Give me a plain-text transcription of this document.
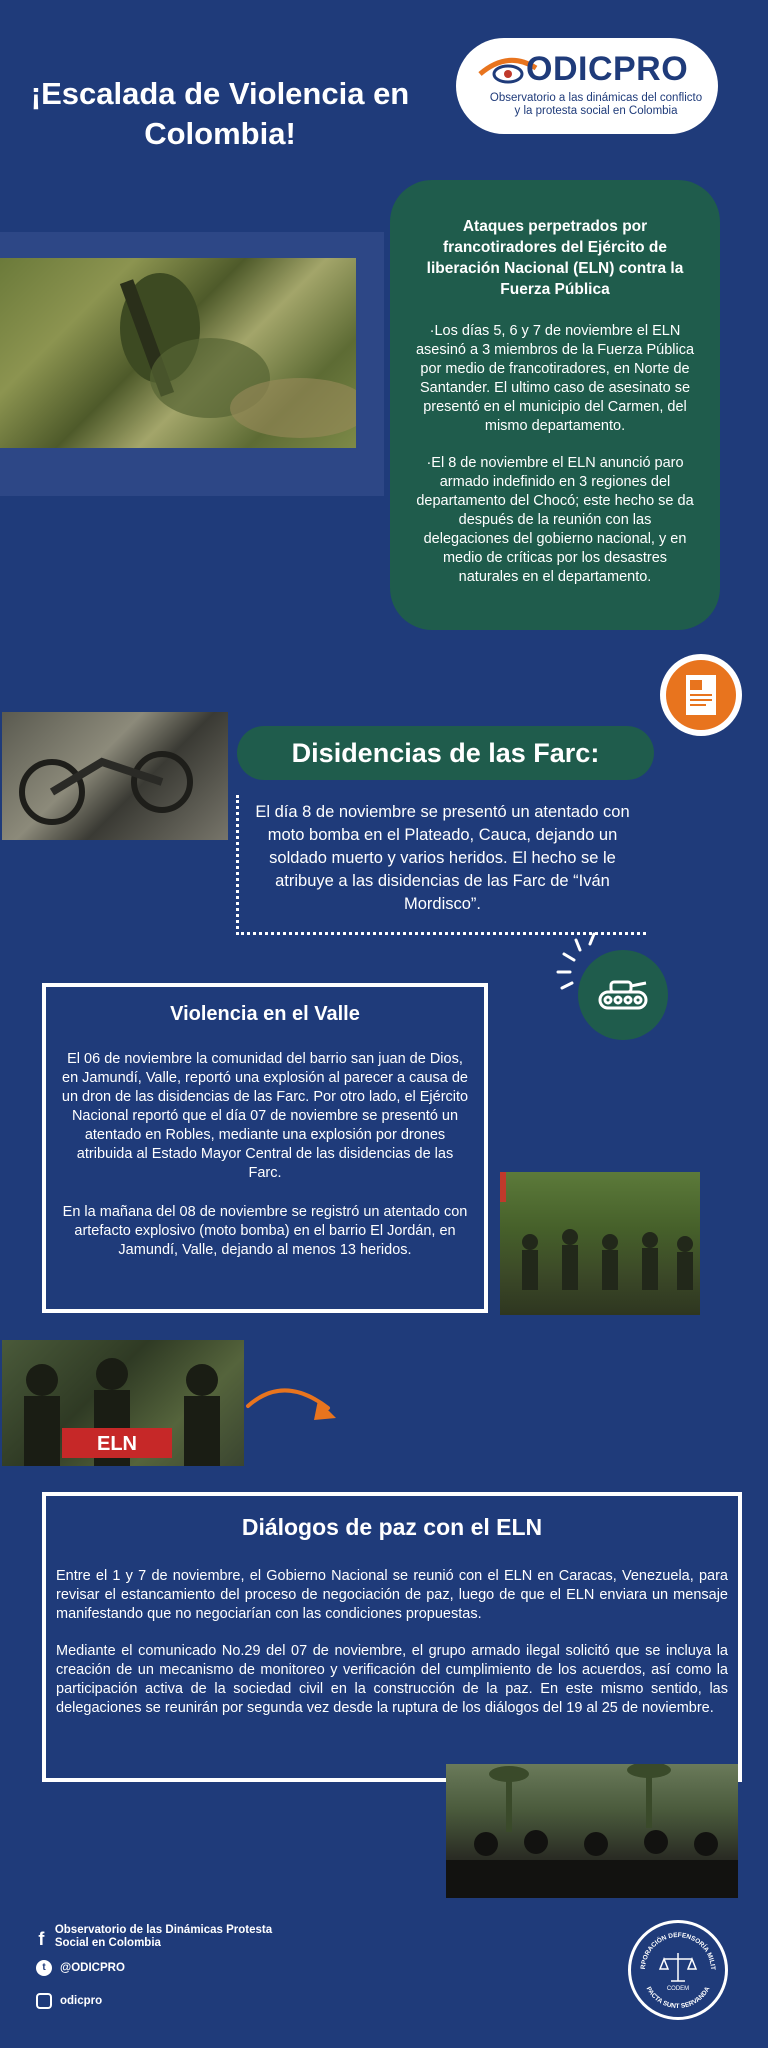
¡Escalada de Violencia en Colombia!
ODICPRO
Observatorio a las dinámicas del conflicto y la protesta social en Colombia
Ataques perpetrados por francotiradores del Ejército de liberación Nacional (ELN) contra la Fuerza Pública

·Los días 5, 6 y 7 de noviembre el ELN asesinó a 3 miembros de la Fuerza Pública por medio de francotiradores, en Norte de Santander. El ultimo caso de asesinato se presentó en el municipio del Carmen, del mismo departamento.

·El 8 de noviembre el ELN anunció paro armado indefinido en 3 regiones del departamento del Chocó; este hecho se da después de la reunión con las delegaciones del gobierno nacional, y en medio de críticas por los desastres naturales en el departamento.

Disidencias de las Farc:
El día 8 de noviembre se presentó un atentado con moto bomba en el Plateado, Cauca, dejando un soldado muerto y varios heridos. El hecho se le atribuye a las disidencias de las Farc de “Iván Mordisco”.
Violencia en el Valle

El 06 de noviembre la comunidad del barrio san juan de Dios, en Jamundí, Valle, reportó una explosión al parecer a causa de un dron de las disidencias de las Farc. Por otro lado, el Ejército Nacional reportó que el día 07 de noviembre se presentó un atentado en Robles, mediante una explosión por drones atribuida al Estado Mayor Central de las disidencias de las Farc.

En la mañana del 08 de noviembre se registró un atentado con artefacto explosivo (moto bomba) en el barrio El Jordán, en Jamundí, Valle, dejando al menos 13 heridos.

ELN
Diálogos de paz con el ELN

Entre el 1 y 7 de noviembre, el Gobierno Nacional se reunió con el ELN en Caracas, Venezuela, para revisar el estancamiento del proceso de negociación de paz, luego de que el ELN enviara un mensaje manifestando que no negociarían con las condiciones propuestas.

Mediante el comunicado No.29 del 07 de noviembre, el grupo armado ilegal solicitó que se incluya la creación de un mecanismo de monitoreo y verificación del cumplimiento de los acuerdos, así como la participación activa de la sociedad civil en la construcción de la paz. En este mismo sentido, las delegaciones se reunirán por segunda vez desde la ruptura de los diálogos del 19 al 25 de noviembre.

f Observatorio de las Dinámicas Protesta Social en Colombia
t	@ODICPRO
odicpro
RPORACIÓN DEFENSORÍA MILIT
PACTA SUNT SERVANDA
CODEM
